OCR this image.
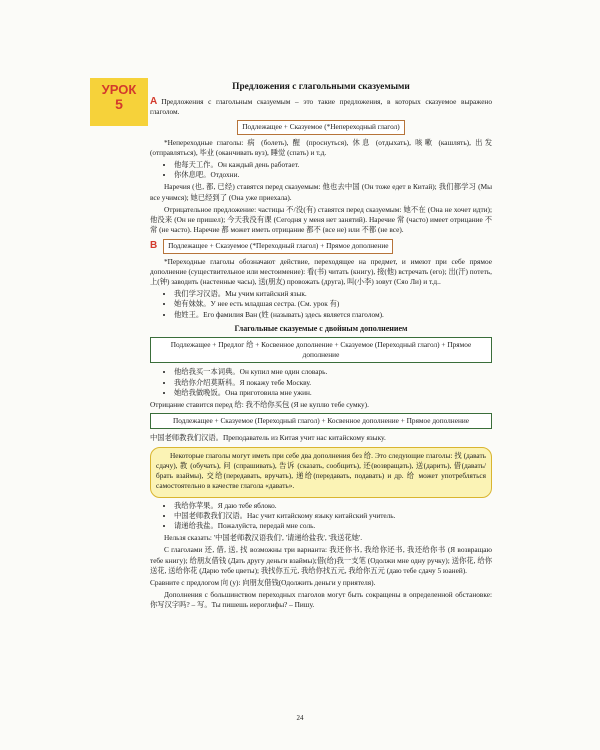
УРОК
5
Предложения с глагольными сказуемыми

A Предложения с глагольным сказуемым – это такие предложения, в которых сказуемое выражено глаголом.

Подлежащее + Сказуемое (*Непереходный глагол)

*Непереходные глаголы: 病 (болеть), 醒 (проснуться), 休息 (отдыхать), 咳嗽 (кашлять), 出发 (отправляться), 毕业 (оканчивать вуз), 睡觉 (спать) и т.д.

• 他每天工作。Он каждый день работает.
• 你休息吧。Отдохни.

Наречия (也, 都, 已经) ставятся перед сказуемым: 他也去中国 (Он тоже едет в Китай); 我们都学习 (Мы все учимся); 她已经到了 (Она уже приехала).

Отрицательное предложение: частицы 不/没(有) ставятся перед сказуемым: 她不在 (Она не хочет идти); 他没来 (Он не пришел); 今天我没有课 (Сегодня у меня нет занятий). Наречие 常 (часто) имеет отрицание 不常 (не часто). Наречие 都 может иметь отрицание 都不 (все не) или 不都 (не все).

B Подлежащее + Сказуемое (*Переходный глагол) + Прямое дополнение

*Переходные глаголы обозначают действие, переходящее на предмет, и имеют при себе прямое дополнение (существительное или местоимение): 看(书) читать (книгу), 接(他) встречать (его); 出(汗) потеть, 上(钟) заводить (настенные часы), 送(朋友) провожать (друга), 叫(小李) зовут (Сяо Ли) и т.д..

• 我们学习汉语。Мы учим китайский язык.
• 她有妹妹。У нее есть младшая сестра. (См. урок 有)
• 他姓王。Его фамилия Ван (姓 (называть) здесь является глаголом).
Глагольные сказуемые с двойным дополнением
Подлежащее + Предлог 给 + Косвенное дополнение + Сказуемое (Переходный глагол) + Прямое дополнение
• 他给我买一本词典。Он купил мне один словарь.
• 我给你介绍莫斯科。Я покажу тебе Москву.
• 她给我做晚饭。Она приготовила мне ужин.

Отрицание ставится перед 给: 我不给你买包 (Я не куплю тебе сумку).

Подлежащее + Сказуемое (Переходный глагол) + Косвенное дополнение + Прямое дополнение

中国老师教我们汉语。Преподаватель из Китая учит нас китайскому языку.

Некоторые глаголы могут иметь при себе два дополнения без 给. Это следующие глаголы: 找 (давать сдачу), 教 (обучать), 问 (спрашивать), 告诉 (сказать, сообщить), 还(возвращать), 送(дарить), 借(давать/брать взаймы), 交给(передавать, вручать), 递给(передавать, подавать) и др. 给 может употребляться самостоятельно в качестве глагола «давать».

• 我给你苹果。Я даю тебе яблоко.
• 中国老师教我们汉语。Нас учит китайскому языку китайский учитель.
• 请递给我盐。Пожалуйста, передай мне соль.

Нельзя сказать: '中国老师教汉语我们', '请递给盐我', '我送花她'.

С глаголами 还, 借, 送, 找 возможны три варианта: 我还你书, 我给你还书, 我还给你书 (Я возвращаю тебе книгу); 给朋友借钱 (Дать другу деньги взаймы);借(给)我一支笔 (Одолжи мне одну ручку); 送你花, 给你送花, 送给你花 (Дарю тебе цветы); 我找你五元, 我给你找五元, 我给你五元 (даю тебе сдачу 5 юаней).

Сравните с предлогом 向 (у): 向朋友借钱(Одолжить деньги у приятеля).

Дополнения с большинством переходных глаголов могут быть сокращены в определенной обстановке: 你写汉字吗? – 写。Ты пишешь иероглифы? – Пишу.

24
